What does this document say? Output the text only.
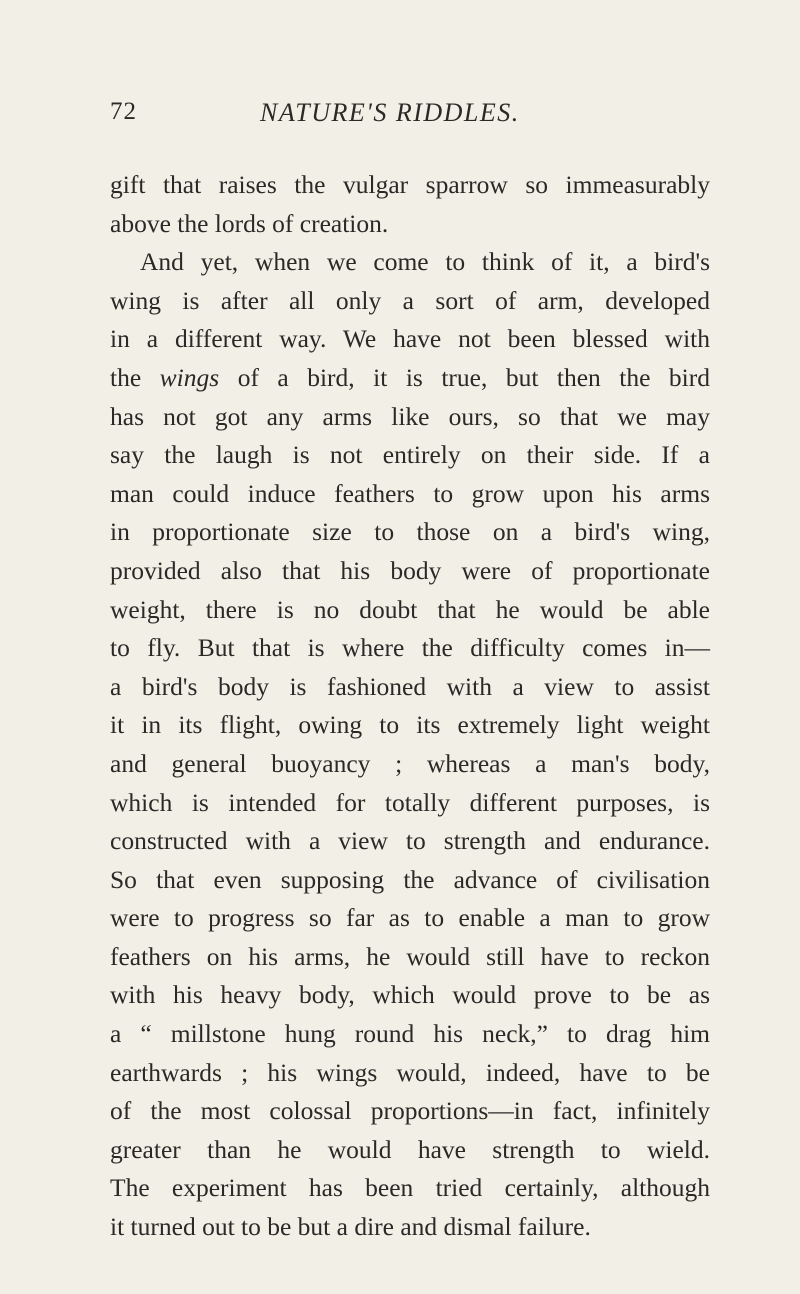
72	NATURE'S RIDDLES.
gift that raises the vulgar sparrow so immeasurably
above the lords of creation.
And yet, when we come to think of it, a bird's
wing is after all only a sort of arm, developed
in a different way. We have not been blessed with
the wings of a bird, it is true, but then the bird
has not got any arms like ours, so that we may
say the laugh is not entirely on their side. If a
man could induce feathers to grow upon his arms
in proportionate size to those on a bird's wing,
provided also that his body were of proportionate
weight, there is no doubt that he would be able
to fly. But that is where the difficulty comes in—
a bird's body is fashioned with a view to assist
it in its flight, owing to its extremely light weight
and general buoyancy ; whereas a man's body,
which is intended for totally different purposes, is
constructed with a view to strength and endurance.
So that even supposing the advance of civilisation
were to progress so far as to enable a man to grow
feathers on his arms, he would still have to reckon
with his heavy body, which would prove to be as
a “ millstone hung round his neck,” to drag him
earthwards ; his wings would, indeed, have to be
of the most colossal proportions—in fact, infinitely
greater than he would have strength to wield.
The experiment has been tried certainly, although
it turned out to be but a dire and dismal failure.
